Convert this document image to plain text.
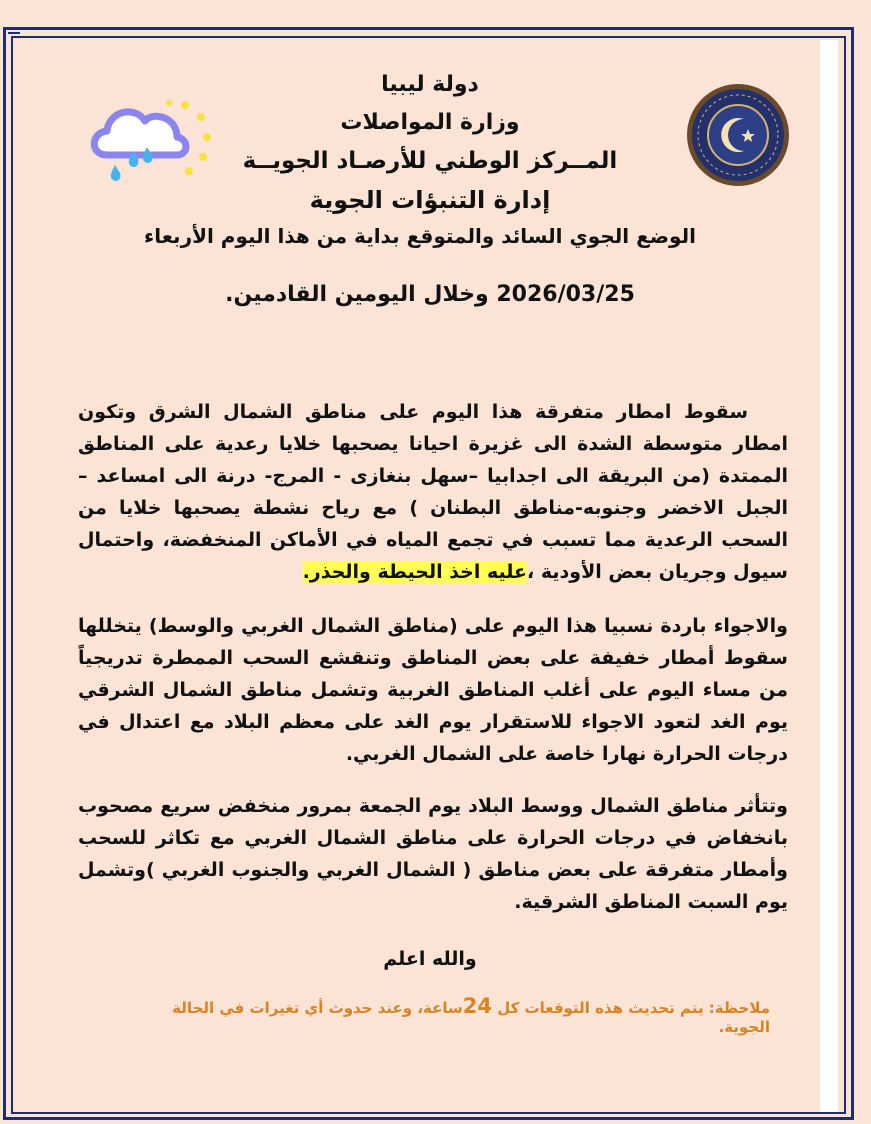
دولة ليبيا
وزارة المواصلات
المــركز الوطني للأرصـاد الجويــة
إدارة التنبؤات الجوية
الوضع الجوي السائد والمتوقع بداية من هذا اليوم الأربعاء
2026/03/25 وخلال اليومين القادمين.
سقوط امطار متفرقة هذا اليوم على مناطق الشمال الشرق وتكون امطار متوسطة الشدة الى غزيرة احيانا يصحبها خلايا رعدية على المناطق الممتدة (من البريقة الى اجدابيا –سهل بنغازى - المرج- درنة الى امساعد –الجبل الاخضر وجنوبه-مناطق البطنان ) مع رياح نشطة يصحبها خلايا من السحب الرعدية مما تسبب في تجمع المياه في الأماكن المنخفضة، واحتمال سيول وجريان بعض الأودية ،عليه اخذ الحيطة والحذر.
والاجواء باردة نسبيا هذا اليوم على (مناطق الشمال الغربي والوسط) يتخللها سقوط أمطار خفيفة على بعض المناطق وتنقشع السحب الممطرة تدريجياً من مساء اليوم على أغلب المناطق الغربية وتشمل مناطق الشمال الشرقي يوم الغد لتعود الاجواء للاستقرار يوم الغد على معظم البلاد مع اعتدال في درجات الحرارة نهارا خاصة على الشمال الغربي.
وتتأثر مناطق الشمال ووسط البلاد يوم الجمعة بمرور منخفض سريع مصحوب بانخفاض في درجات الحرارة على مناطق الشمال الغربي مع تكاثر للسحب وأمطار متفرقة على بعض مناطق ( الشمال الغربي والجنوب الغربي )وتشمل يوم السبت المناطق الشرقية.
والله اعلم
ملاحظة: يتم تحديث هذه التوقعات كل 24ساعة، وعند حدوث أي تغيرات في الحالة الجوية.
